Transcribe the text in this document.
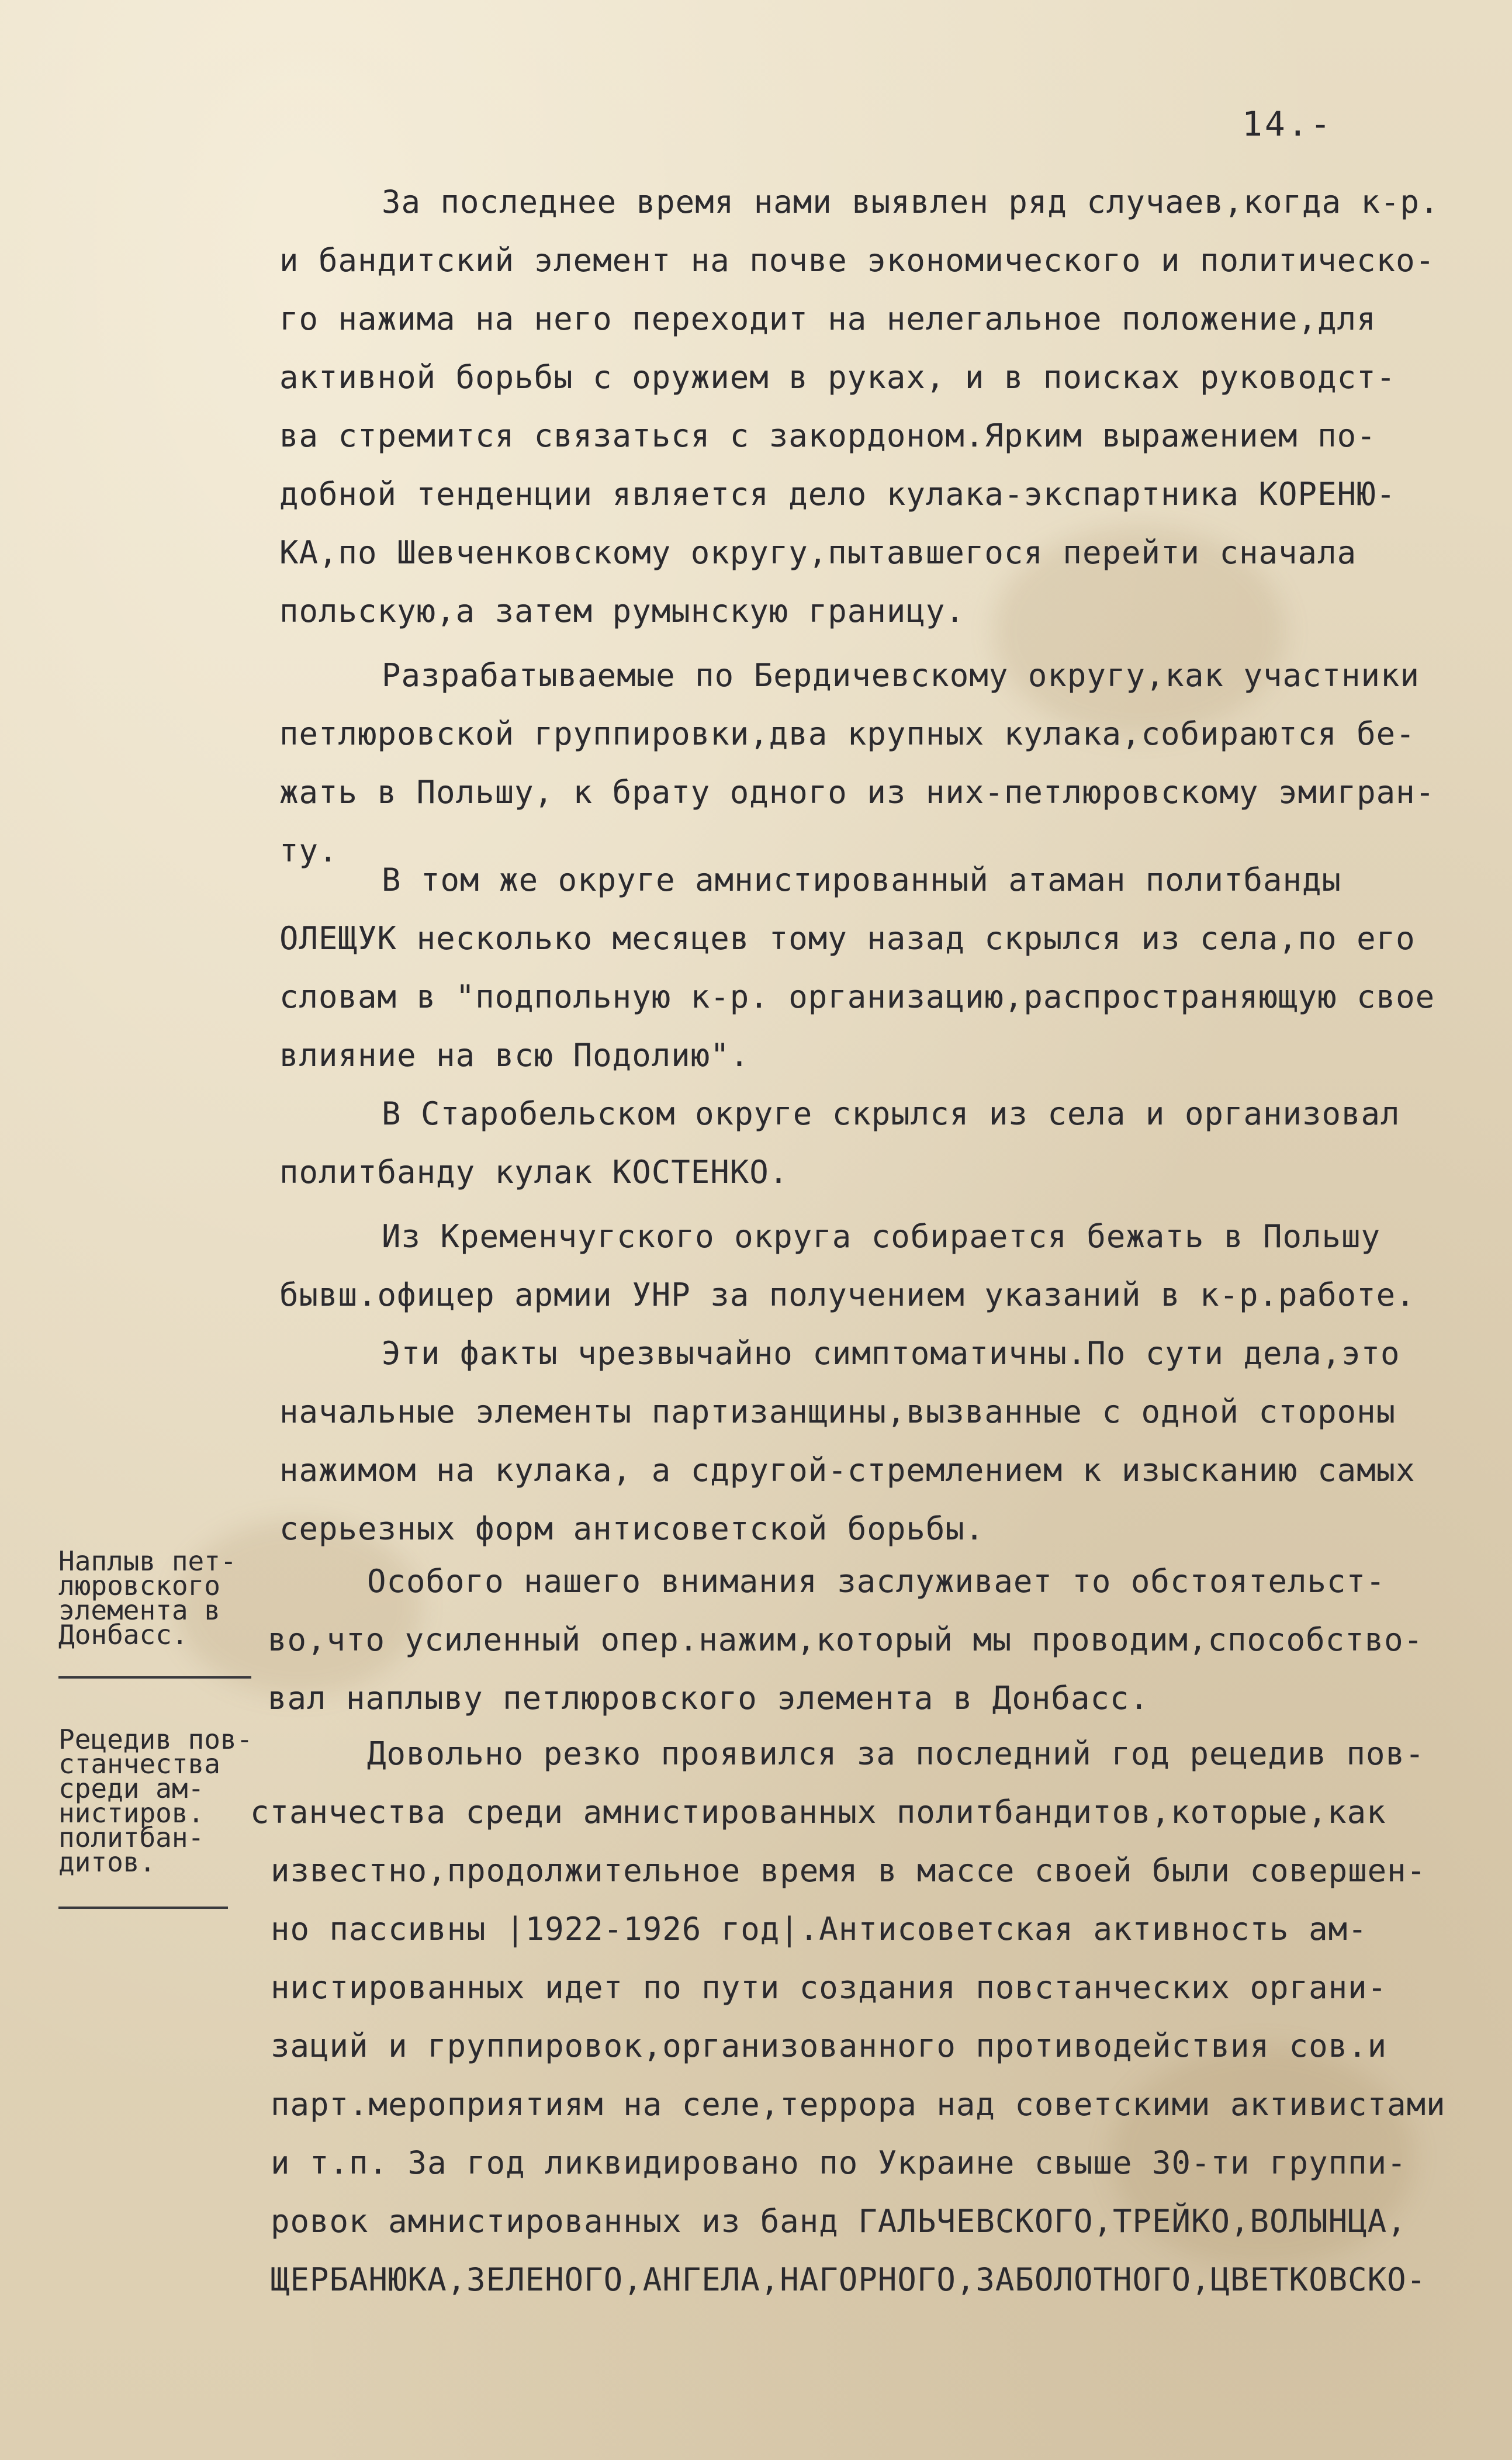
14.-
За последнее время нами выявлен ряд случаев,когда к-р.
и бандитский элемент на почве экономического и политическо-
го нажима на него переходит на нелегальное положение,для
активной борьбы с оружием в руках, и в поисках руководст-
ва стремится связаться с закордоном.Ярким выражением по-
добной тенденции является дело кулака-экспартника КОРЕНЮ-
КА,по Шевченковскому округу,пытавшегося перейти сначала
польскую,а затем румынскую границу.
Разрабатываемые по Бердичевскому округу,как участники
петлюровской группировки,два крупных кулака,собираются бе-
жать в Польшу, к брату одного из них-петлюровскому эмигран-
ту.
В том же округе амнистированный атаман политбанды
ОЛЕЩУК несколько месяцев тому назад скрылся из села,по его
словам в "подпольную к-р. организацию,распространяющую свое
влияние на всю Подолию".
В Старобельском округе скрылся из села и организовал
политбанду кулак КОСТЕНКО.
Из Кременчугского округа собирается бежать в Польшу
бывш.офицер армии УНР за получением указаний в к-р.работе.
Эти факты чрезвычайно симптоматичны.По сути дела,это
начальные элементы партизанщины,вызванные с одной стороны
нажимом на кулака, а сдругой-стремлением к изысканию самых
серьезных форм антисоветской борьбы.
Особого нашего внимания заслуживает то обстоятельст-
во,что усиленный опер.нажим,который мы проводим,способство-
вал наплыву петлюровского элемента в Донбасс.
Довольно резко проявился за последний год рецедив пов-
станчества среди амнистированных политбандитов,которые,как
известно,продолжительное время в массе своей были совершен-
но пассивны |1922-1926 год|.Антисоветская активность ам-
нистированных идет по пути создания повстанческих органи-
заций и группировок,организованного противодействия сов.и
парт.мероприятиям на селе,террора над советскими активистами
и т.п. За год ликвидировано по Украине свыше 30-ти группи-
ровок амнистированных из банд ГАЛЬЧЕВСКОГО,ТРЕЙКО,ВОЛЫНЦА,
ЩЕРБАНЮКА,ЗЕЛЕНОГО,АНГЕЛА,НАГОРНОГО,ЗАБОЛОТНОГО,ЦВЕТКОВСКО-
Наплыв пет-
люровского
элемента в
Донбасс.
Рецедив пов-
станчества
среди ам-
нистиров.
политбан-
дитов.
